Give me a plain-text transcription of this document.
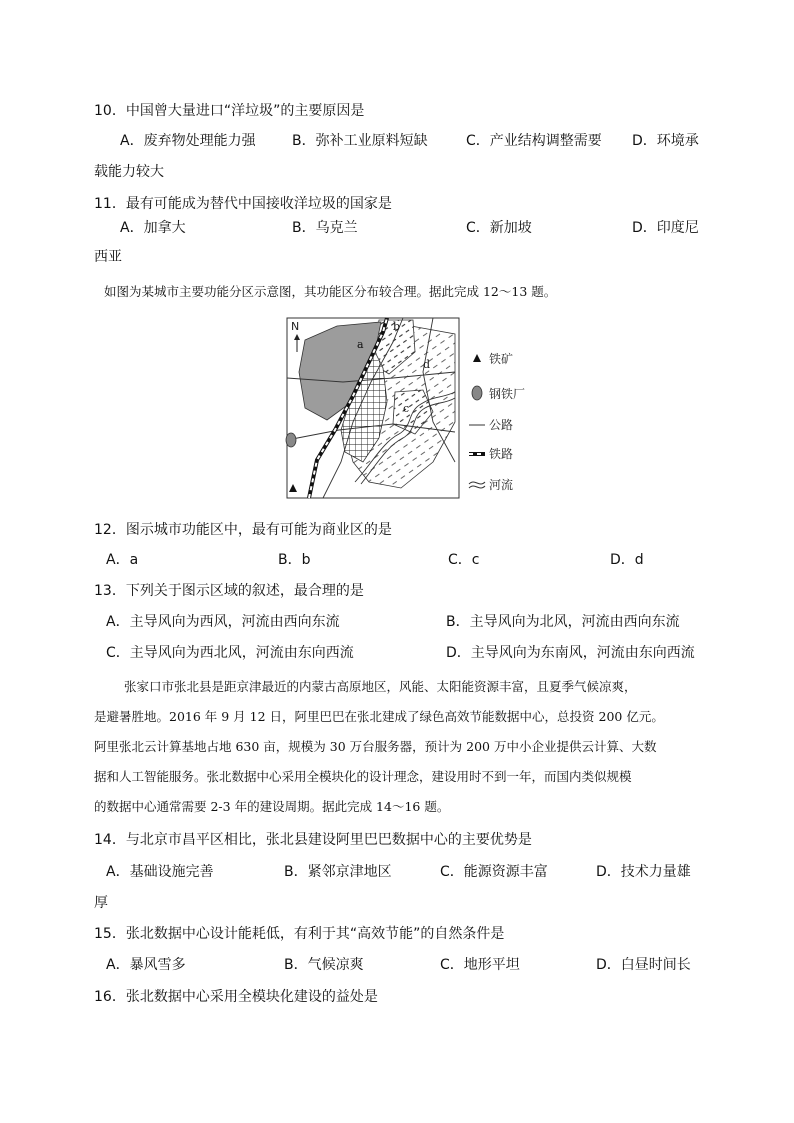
10．中国曾大量进口“洋垃圾”的主要原因是
A．废弃物处理能力强	B．弥补工业原料短缺	C．产业结构调整需要 D．环境承
载能力较大
11．最有可能成为替代中国接收洋垃圾的国家是
A．加拿大	B．乌克兰	C．新加坡	D．印度尼
西亚
如图为某城市主要功能分区示意图，其功能区分布较合理。据此完成 12～13 题。
N
a
b
c
d	铁矿
钢铁厂
公路
铁路
河流
12．图示城市功能区中，最有可能为商业区的是
A．a	B．b	C．c	D．d
13．下列关于图示区域的叙述，最合理的是
A．主导风向为西风，河流由西向东流	B．主导风向为北风，河流由西向东流
C．主导风向为西北风，河流由东向西流	D．主导风向为东南风，河流由东向西流
张家口市张北县是距京津最近的内蒙古高原地区，风能、太阳能资源丰富，且夏季气候凉爽，
是避暑胜地。2016 年 9 月 12 日，阿里巴巴在张北建成了绿色高效节能数据中心，总投资 200 亿元。
阿里张北云计算基地占地 630 亩，规模为 30 万台服务器，预计为 200 万中小企业提供云计算、大数
据和人工智能服务。张北数据中心采用全模块化的设计理念，建设用时不到一年，而国内类似规模
的数据中心通常需要 2-3 年的建设周期。据此完成 14～16 题。
14．与北京市昌平区相比，张北县建设阿里巴巴数据中心的主要优势是
A．基础设施完善	B．紧邻京津地区	C．能源资源丰富	D．技术力量雄
厚
15．张北数据中心设计能耗低，有利于其“高效节能”的自然条件是
A．暴风雪多	B．气候凉爽	C．地形平坦	D．白昼时间长
16．张北数据中心采用全模块化建设的益处是
